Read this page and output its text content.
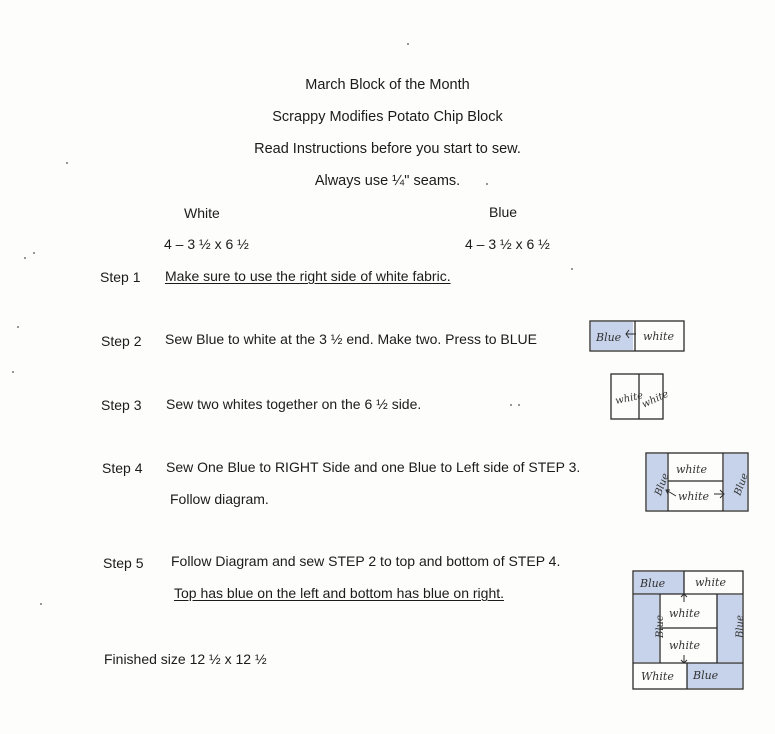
March Block of the Month
Scrappy Modifies Potato Chip Block
Read Instructions before you start to sew.
Always use ¼" seams.
White
4 – 3 ½ x 6 ½
Blue
4 – 3 ½ x 6 ½
Step 1 Make sure to use the right side of white fabric.
Step 2 Sew Blue to white at the 3 ½ end. Make two. Press to BLUE
Step 3 Sew two whites together on the 6 ½ side.
Step 4 Sew One Blue to RIGHT Side and one Blue to Left side of STEP 3.
Follow diagram.
Step 5 Follow Diagram and sew STEP 2 to top and bottom of STEP 4.
Top has blue on the left and bottom has blue on right.
Finished size 12 ½ x 12 ½
Blue white
white
white
Blue	Blue
white
white
Blue	white
white
white
Blue	Blue
White Blue
